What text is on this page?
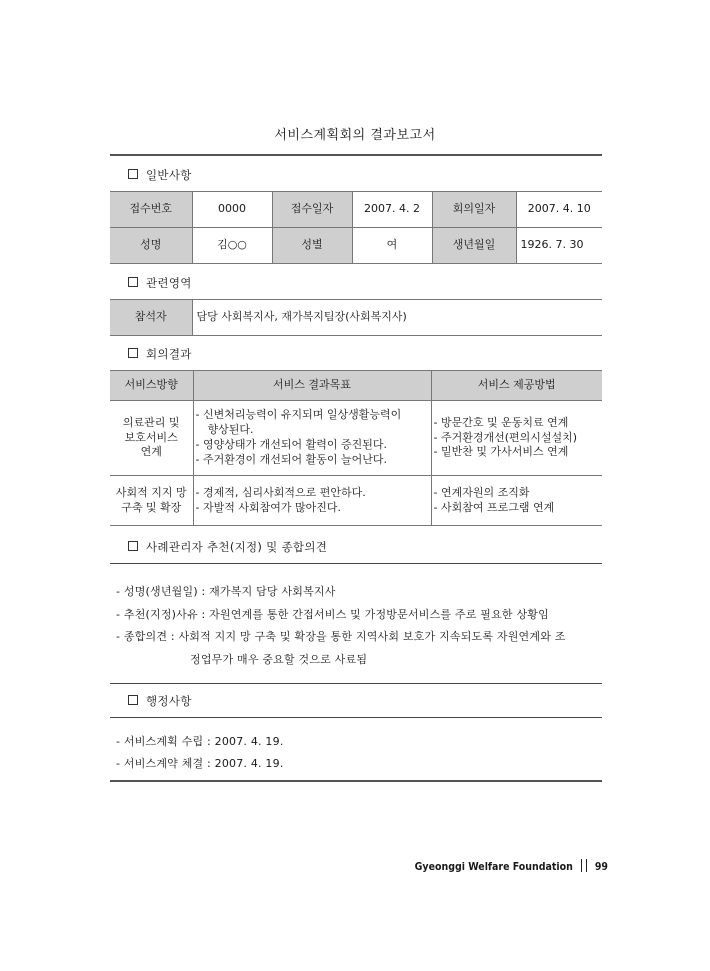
서비스계획회의 결과보고서
일반사항
접수번호	0000	접수일자	2007. 4. 2	회의일자	2007. 4. 10
성명	김○○	성별	여	생년월일	1926. 7. 30
관련영역
참석자	담당 사회복지사, 재가복지팀장(사회복지사)
회의결과
서비스방향	서비스 결과목표	서비스 제공방법

의료관리 및
보호서비스
연계	- 신변처리능력이 유지되며 일상생활능력이
향상된다.
- 영양상태가 개선되어 활력이 증진된다.
- 주거환경이 개선되어 활동이 늘어난다.	- 방문간호 및 운동치료 연계
- 주거환경개선(편의시설설치)
- 밑반찬 및 가사서비스 연계

사회적 지지 망
구축 및 확장	- 경제적, 심리사회적으로 편안하다.
- 자발적 사회참여가 많아진다.	- 연계자원의 조직화
- 사회참여 프로그램 연계
사례관리자 추천(지정) 및 종합의견
- 성명(생년월일) : 재가복지 담당 사회복지사
- 추천(지정)사유 : 자원연계를 통한 간접서비스 및 가정방문서비스를 주로 필요한 상황임
- 종합의견 : 사회적 지지 망 구축 및 확장을 통한 지역사회 보호가 지속되도록 자원연계와 조
정업무가 매우 중요할 것으로 사료됨
행정사항
- 서비스계획 수립 : 2007. 4. 19.
- 서비스계약 체결 : 2007. 4. 19.
Gyeonggi Welfare Foundation 99
